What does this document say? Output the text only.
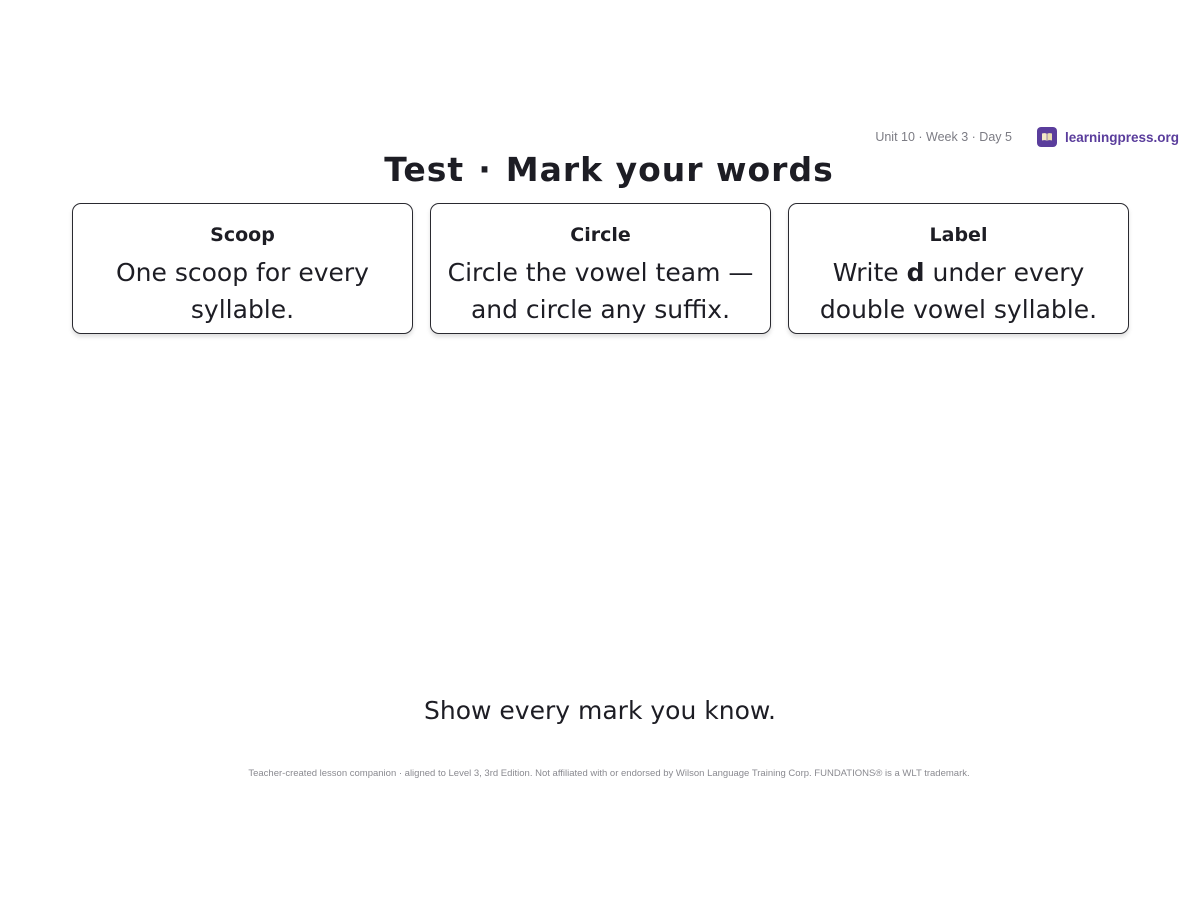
Unit 10 · Week 3 · Day 5	learningpress.org
Test · Mark your words
Scoop
One scoop for every syllable.
Circle
Circle the vowel team — and circle any suffix.
Label
Write d under every double vowel syllable.
Show every mark you know.
Teacher-created lesson companion · aligned to Level 3, 3rd Edition. Not affiliated with or endorsed by Wilson Language Training Corp. FUNDATIONS® is a WLT trademark.
